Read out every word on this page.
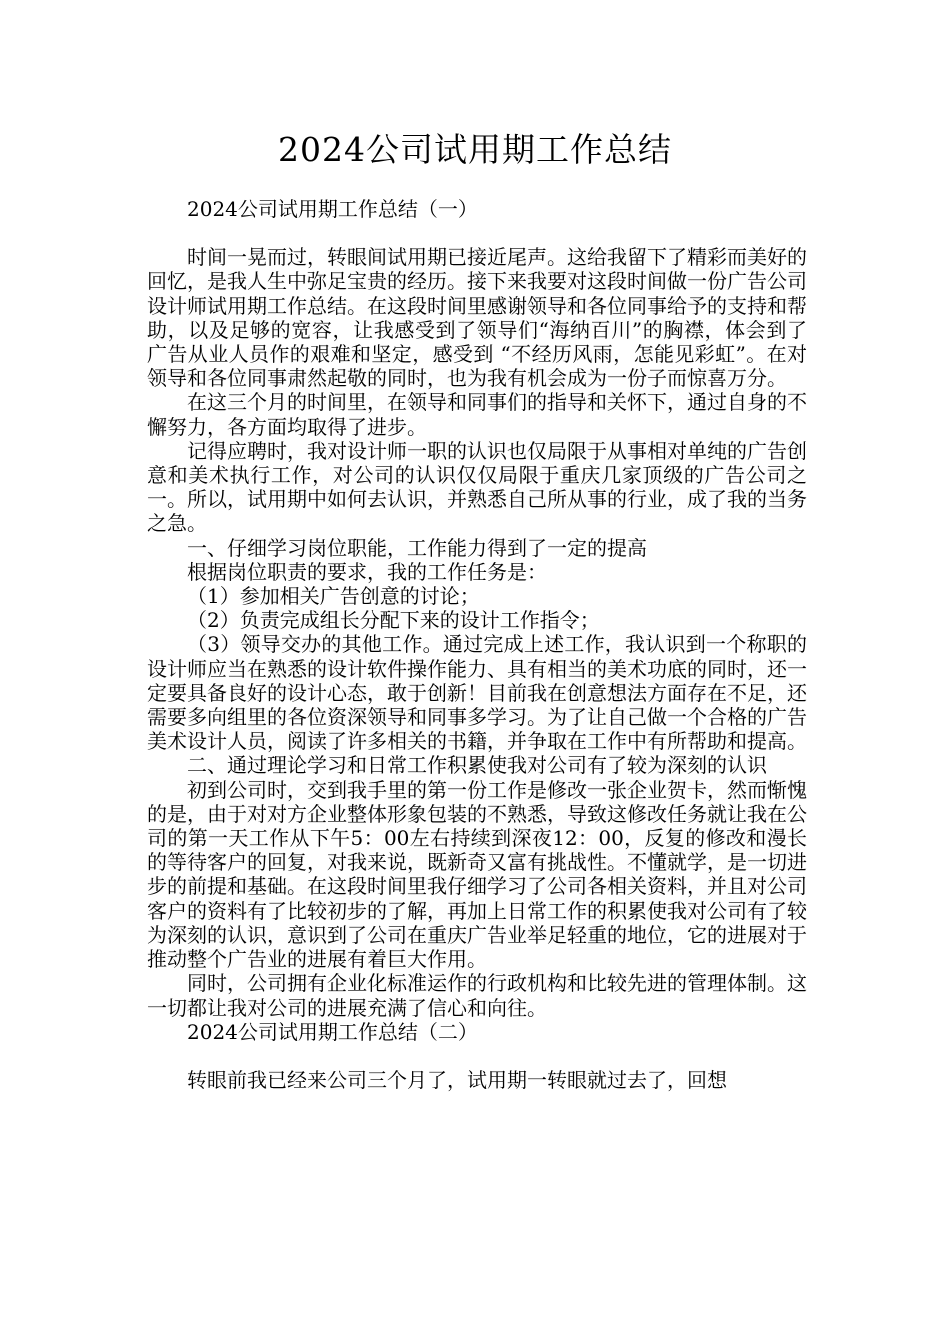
2024公司试用期工作总结

2024公司试用期工作总结（一）

时间一晃而过，转眼间试用期已接近尾声。这给我留下了精彩而美好的回忆，是我人生中弥足宝贵的经历。接下来我要对这段时间做一份广告公司设计师试用期工作总结。在这段时间里感谢领导和各位同事给予的支持和帮助，以及足够的宽容，让我感受到了领导们“海纳百川”的胸襟，体会到了广告从业人员作的艰难和坚定，感受到 “不经历风雨，怎能见彩虹”。在对领导和各位同事肃然起敬的同时，也为我有机会成为一份子而惊喜万分。

在这三个月的时间里，在领导和同事们的指导和关怀下，通过自身的不懈努力，各方面均取得了进步。

记得应聘时，我对设计师一职的认识也仅局限于从事相对单纯的广告创意和美术执行工作，对公司的认识仅仅局限于重庆几家顶级的广告公司之一。所以，试用期中如何去认识，并熟悉自己所从事的行业，成了我的当务之急。

一、仔细学习岗位职能，工作能力得到了一定的提高

根据岗位职责的要求，我的工作任务是：

（1）参加相关广告创意的讨论；

（2）负责完成组长分配下来的设计工作指令；

（3）领导交办的其他工作。通过完成上述工作，我认识到一个称职的设计师应当在熟悉的设计软件操作能力、具有相当的美术功底的同时，还一定要具备良好的设计心态，敢于创新！目前我在创意想法方面存在不足，还需要多向组里的各位资深领导和同事多学习。为了让自己做一个合格的广告美术设计人员，阅读了许多相关的书籍，并争取在工作中有所帮助和提高。

二、通过理论学习和日常工作积累使我对公司有了较为深刻的认识

初到公司时，交到我手里的第一份工作是修改一张企业贺卡，然而惭愧的是，由于对对方企业整体形象包装的不熟悉，导致这修改任务就让我在公司的第一天工作从下午5：00左右持续到深夜12：00，反复的修改和漫长的等待客户的回复，对我来说，既新奇又富有挑战性。不懂就学，是一切进步的前提和基础。在这段时间里我仔细学习了公司各相关资料，并且对公司客户的资料有了比较初步的了解，再加上日常工作的积累使我对公司有了较为深刻的认识，意识到了公司在重庆广告业举足轻重的地位，它的进展对于推动整个广告业的进展有着巨大作用。

同时，公司拥有企业化标准运作的行政机构和比较先进的管理体制。这一切都让我对公司的进展充满了信心和向往。

2024公司试用期工作总结（二）

转眼前我已经来公司三个月了，试用期一转眼就过去了，回想
